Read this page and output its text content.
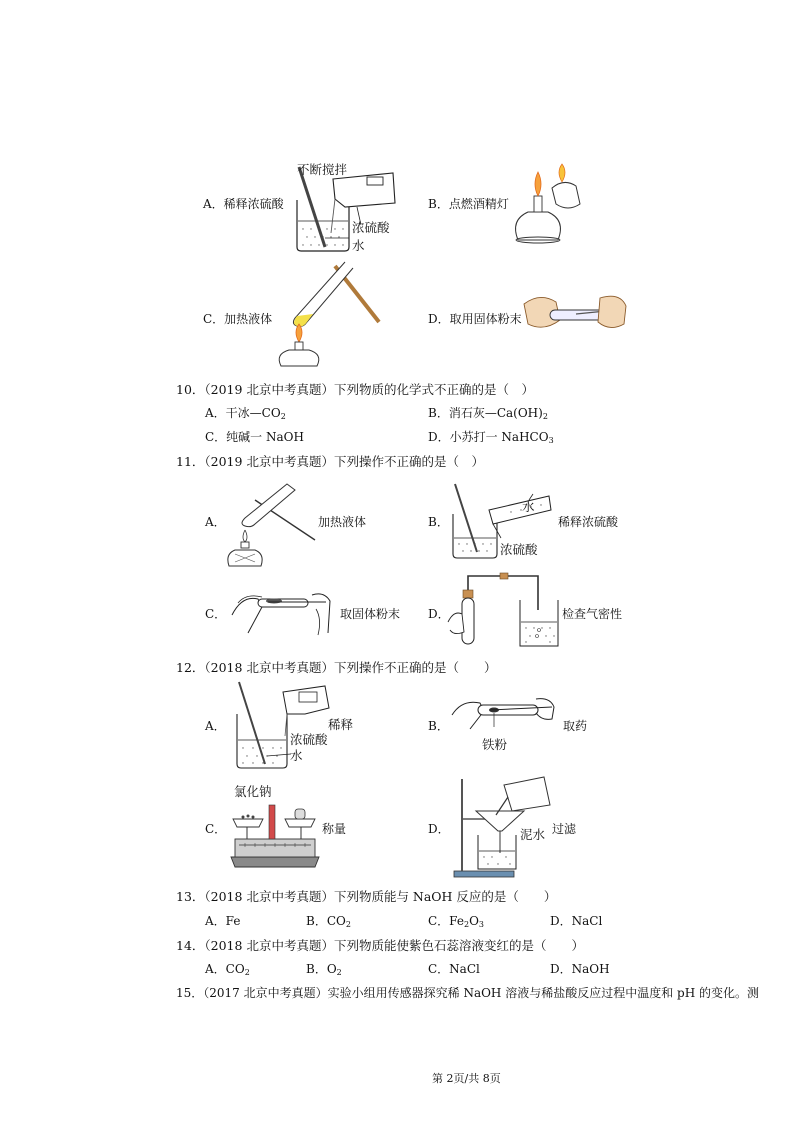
A．稀释浓硫酸
不断搅拌
浓硫酸
水
B．点燃酒精灯
C．加热液体	D．取用固体粉末
10．（2019 北京中考真题）下列物质的化学式不正确的是（　）
A．干冰$—CO_2$	B．消石灰$—Ca(OH)_2$
C．纯碱一 NaOH	D．小苏打一 NaHCO$_3$
11．（2019 北京中考真题）下列操作不正确的是（　）
A．	加热液体	B．
水
浓硫酸
稀释浓硫酸
C．	取固体粉末 D．	检查气密性
12．（2018 北京中考真题）下列操作不正确的是（　　）
A．	稀释
浓硫酸
水
B．
铁粉
取药
C．
氯化钠
称量	D．	泥水 过滤
13．（2018 北京中考真题）下列物质能与 NaOH 反应的是（　　）
A．Fe	B．$CO_2$	C．$Fe_2O_3$	D．NaCl
14．（2018 北京中考真题）下列物质能使紫色石蕊溶液变红的是（　　）
A．$CO_2$	B．$O_2$	C．NaCl	D．NaOH
15．（2017 北京中考真题）实验小组用传感器探究稀 NaOH 溶液与稀盐酸反应过程中温度和 pH 的变化。测
第 2页/共 8页
